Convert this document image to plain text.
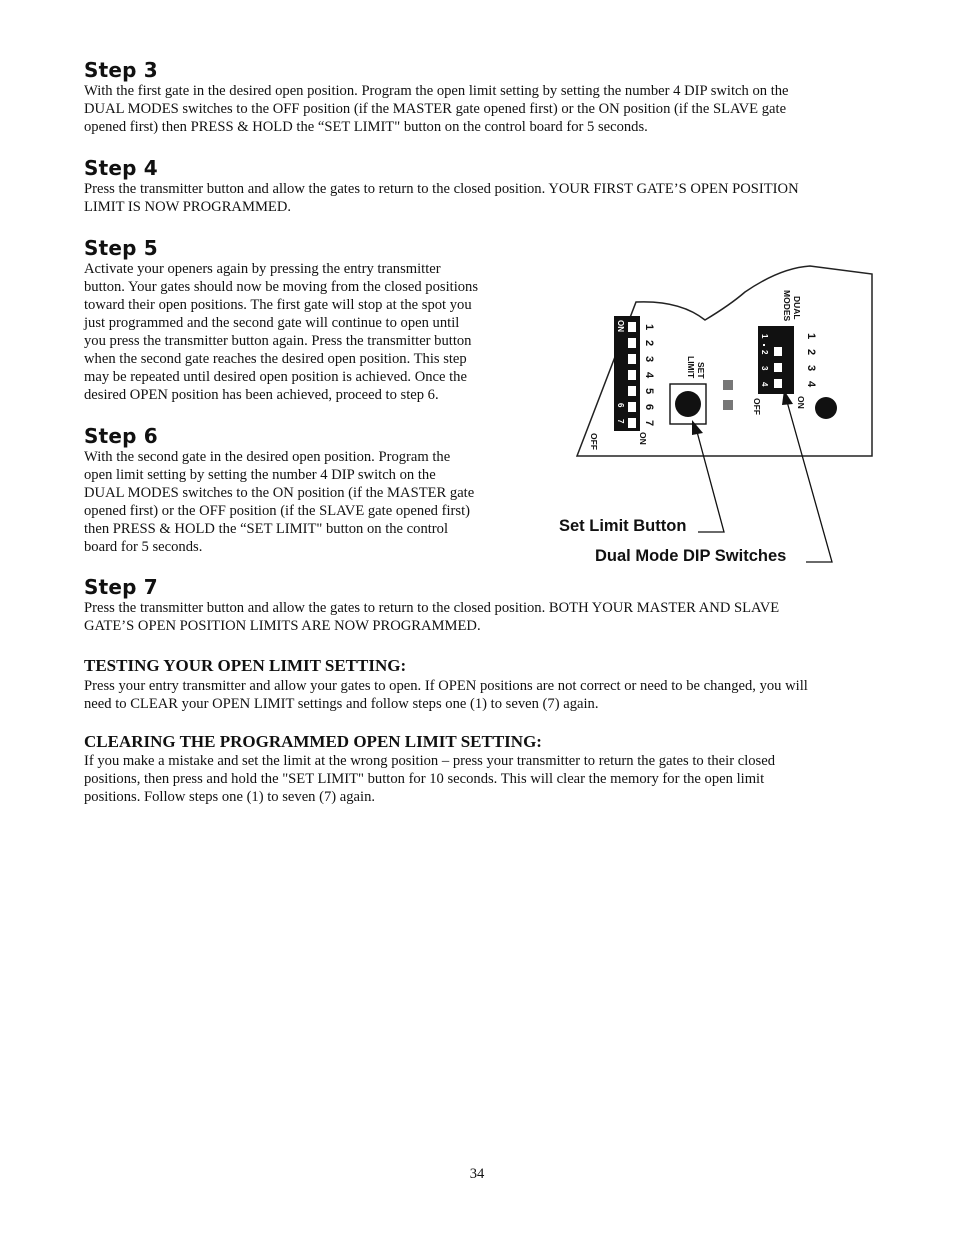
Step 3

With the first gate in the desired open position. Program the open limit setting by setting the number 4 DIP switch on the
DUAL MODES switches to the OFF position (if the MASTER gate opened first) or the ON position (if the SLAVE gate
opened first) then PRESS & HOLD the “SET LIMIT" button on the control board for 5 seconds.

Step 4

Press the transmitter button and allow the gates to return to the closed position. YOUR FIRST GATE’S OPEN POSITION
LIMIT IS NOW PROGRAMMED.

Step 5

Activate your openers again by pressing the entry transmitter
button. Your gates should now be moving from the closed positions
toward their open positions. The first gate will stop at the spot you
just programmed and the second gate will continue to open until
you press the transmitter button again. Press the transmitter button
when the second gate reaches the desired open position. This step
may be repeated until desired open position is achieved. Once the
desired OPEN position has been achieved, proceed to step 6.

Step 6

With the second gate in the desired open position. Program the
open limit setting by setting the number 4 DIP switch on the
DUAL MODES switches to the ON position (if the MASTER gate
opened first) or the OFF position (if the SLAVE gate opened first)
then PRESS & HOLD the “SET LIMIT" button on the control
board for 5 seconds.

Step 7

Press the transmitter button and allow the gates to return to the closed position. BOTH YOUR MASTER AND SLAVE
GATE’S OPEN POSITION LIMITS ARE NOW PROGRAMMED.

TESTING YOUR OPEN LIMIT SETTING:

Press your entry transmitter and allow your gates to open. If OPEN positions are not correct or need to be changed, you will
need to CLEAR your OPEN LIMIT settings and follow steps one (1) to seven (7) again.

CLEARING THE PROGRAMMED OPEN LIMIT SETTING:

If you make a mistake and set the limit at the wrong position – press your transmitter to return the gates to their closed
positions, then press and hold the "SET LIMIT" button for 10 seconds. This will clear the memory for the open limit
positions. Follow steps one (1) to seven (7) again.

ON
6
7
1
2
3
4
5
6
7
ON
OFF
SET
LIMIT
DUAL
MODES
ON
1
2
3
4
1
2
3
4
ON
OFF
Set Limit Button
Dual Mode DIP Switches
34
